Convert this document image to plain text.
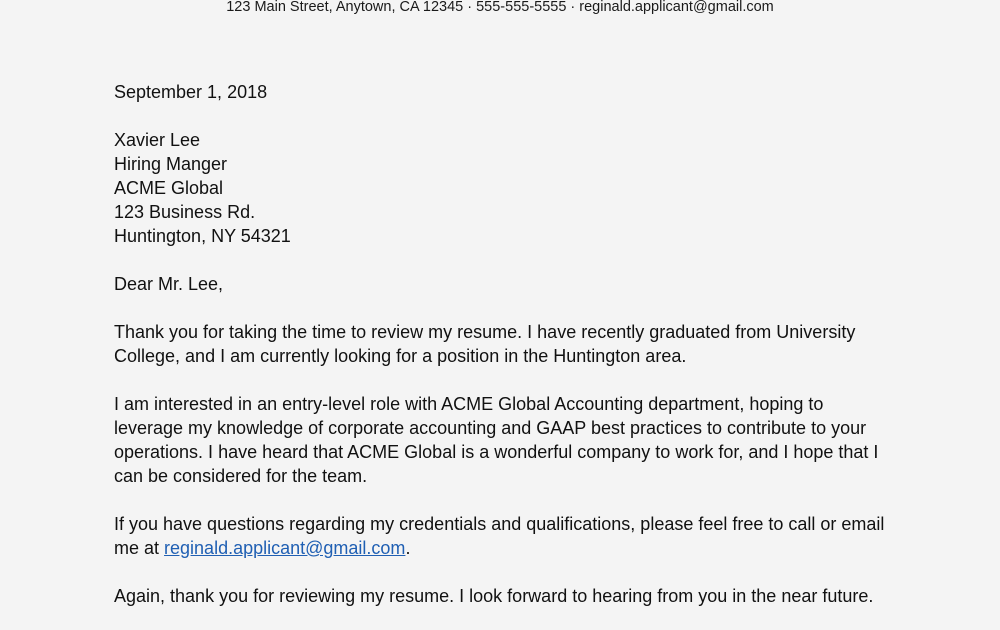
123 Main Street, Anytown, CA 12345 · 555-555-5555 · reginald.applicant@gmail.com

September 1, 2018

Xavier Lee
Hiring Manger
ACME Global
123 Business Rd.
Huntington, NY 54321

Dear Mr. Lee,

Thank you for taking the time to review my resume. I have recently graduated from University College, and I am currently looking for a position in the Huntington area.

I am interested in an entry-level role with ACME Global Accounting department, hoping to leverage my knowledge of corporate accounting and GAAP best practices to contribute to your operations. I have heard that ACME Global is a wonderful company to work for, and I hope that I can be considered for the team.

If you have questions regarding my credentials and qualifications, please feel free to call or email me at reginald.applicant@gmail.com.

Again, thank you for reviewing my resume. I look forward to hearing from you in the near future.
